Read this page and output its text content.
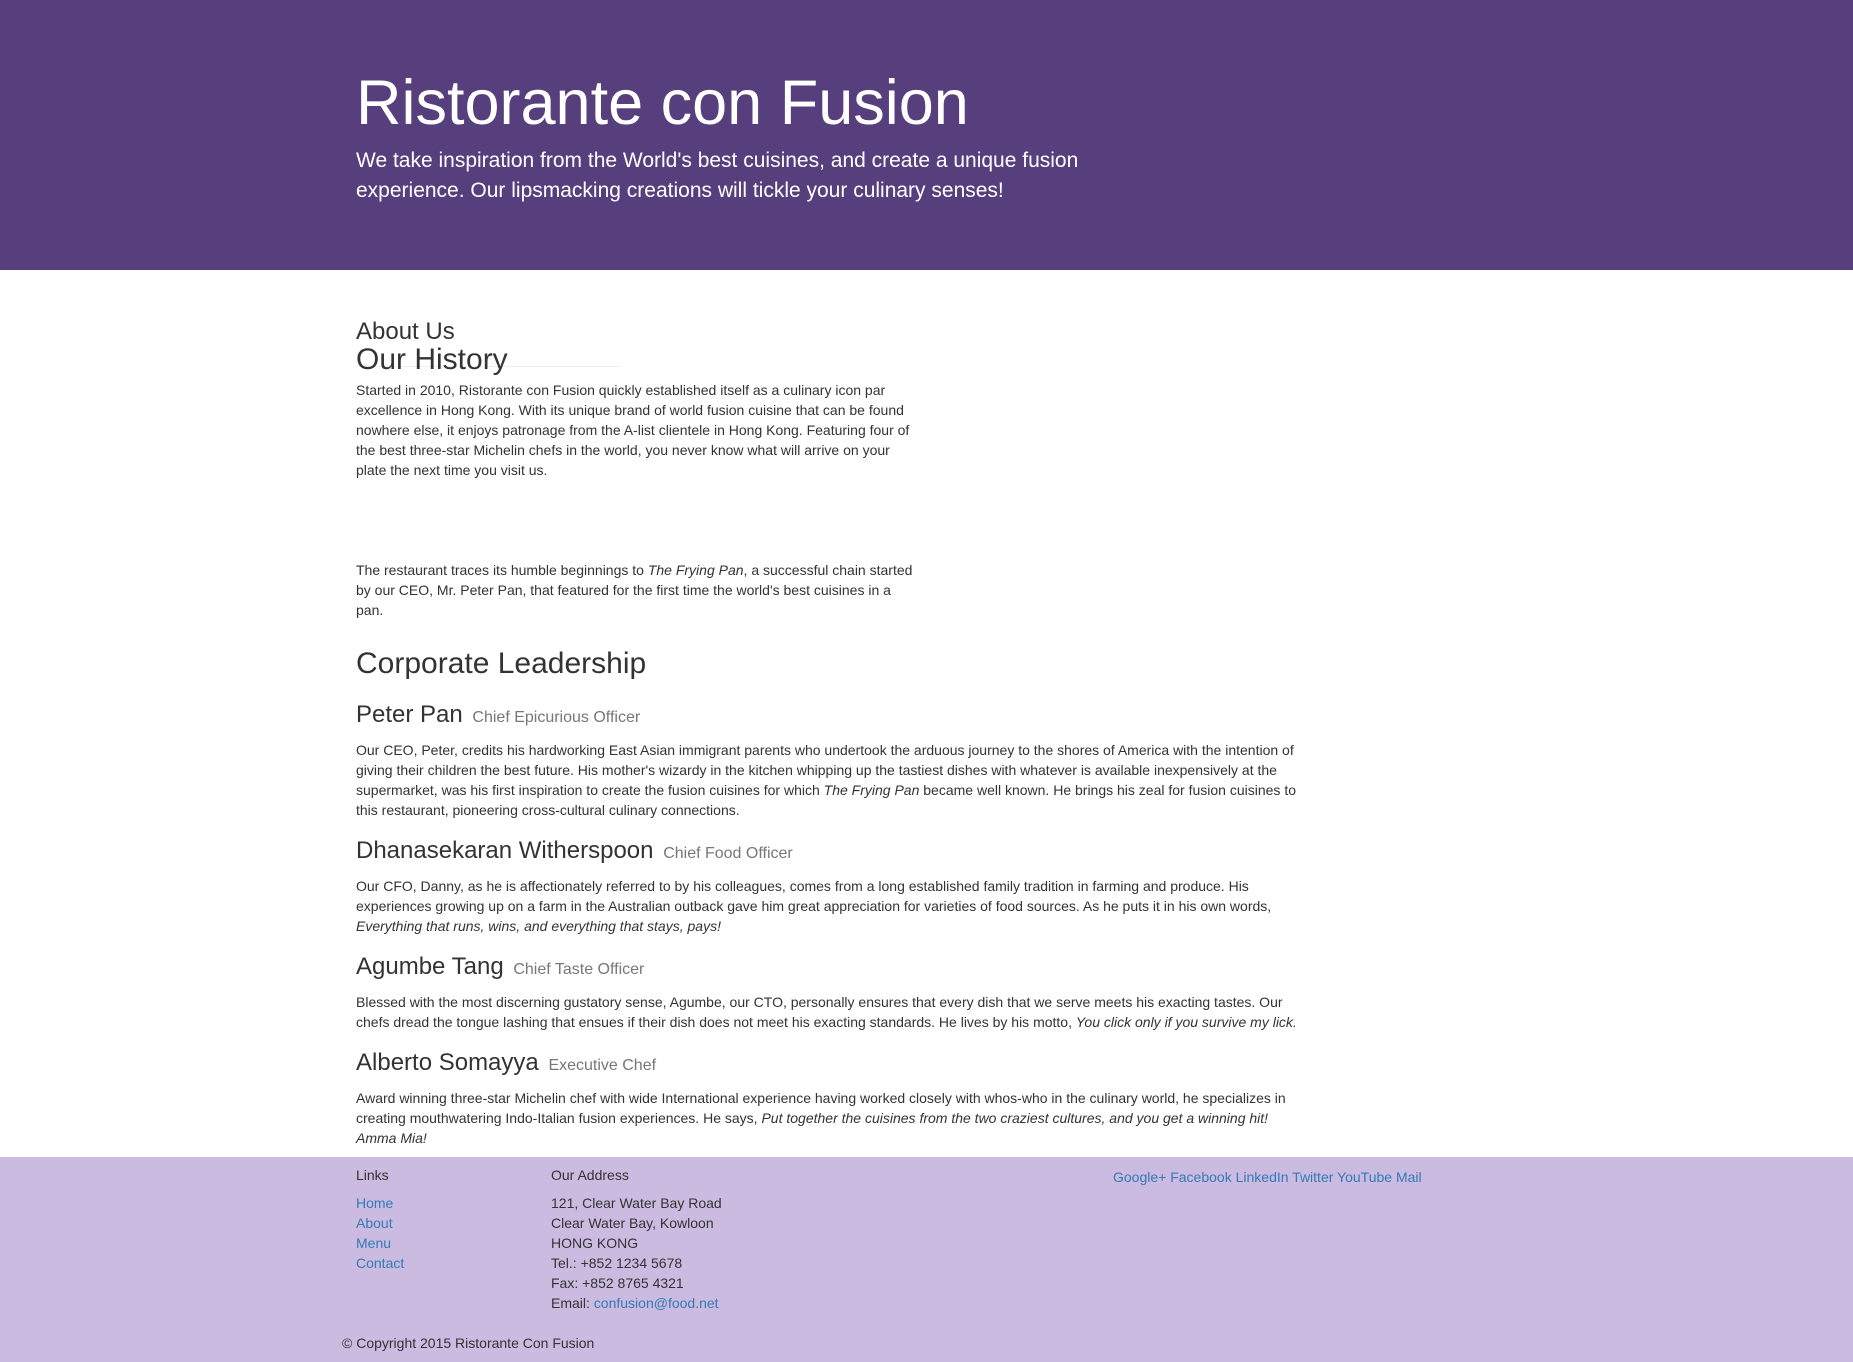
Ristorante con Fusion

We take inspiration from the World's best cuisines, and create a unique fusion experience. Our lipsmacking creations will tickle your culinary senses!

About Us
Our History

Started in 2010, Ristorante con Fusion quickly established itself as a culinary icon par excellence in Hong Kong. With its unique brand of world fusion cuisine that can be found nowhere else, it enjoys patronage from the A-list clientele in Hong Kong. Featuring four of the best three-star Michelin chefs in the world, you never know what will arrive on your plate the next time you visit us.

The restaurant traces its humble beginnings to The Frying Pan, a successful chain started by our CEO, Mr. Peter Pan, that featured for the first time the world's best cuisines in a pan.

Corporate Leadership
Peter Pan Chief Epicurious Officer

Our CEO, Peter, credits his hardworking East Asian immigrant parents who undertook the arduous journey to the shores of America with the intention of giving their children the best future. His mother's wizardy in the kitchen whipping up the tastiest dishes with whatever is available inexpensively at the supermarket, was his first inspiration to create the fusion cuisines for which The Frying Pan became well known. He brings his zeal for fusion cuisines to this restaurant, pioneering cross-cultural culinary connections.

Dhanasekaran Witherspoon Chief Food Officer

Our CFO, Danny, as he is affectionately referred to by his colleagues, comes from a long established family tradition in farming and produce. His experiences growing up on a farm in the Australian outback gave him great appreciation for varieties of food sources. As he puts it in his own words, Everything that runs, wins, and everything that stays, pays!

Agumbe Tang Chief Taste Officer

Blessed with the most discerning gustatory sense, Agumbe, our CTO, personally ensures that every dish that we serve meets his exacting tastes. Our chefs dread the tongue lashing that ensues if their dish does not meet his exacting standards. He lives by his motto, You click only if you survive my lick.

Alberto Somayya Executive Chef

Award winning three-star Michelin chef with wide International experience having worked closely with whos-who in the culinary world, he specializes in creating mouthwatering Indo-Italian fusion experiences. He says, Put together the cuisines from the two craziest cultures, and you get a winning hit! Amma Mia!

Links
Home
About
Menu
Contact
Our Address
121, Clear Water Bay Road
Clear Water Bay, Kowloon
HONG KONG
Tel.: +852 1234 5678
Fax: +852 8765 4321
Email: confusion@food.net
Google+ Facebook LinkedIn Twitter YouTube Mail

© Copyright 2015 Ristorante Con Fusion
